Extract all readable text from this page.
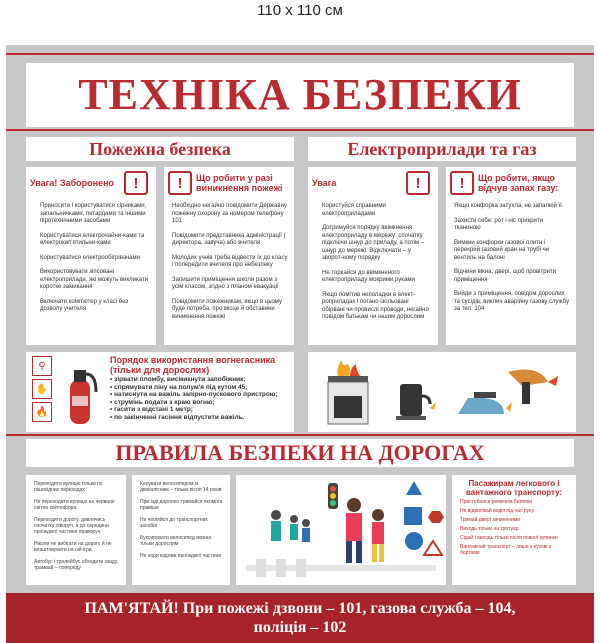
110 х 110 см
ТЕХНІКА БЕЗПЕКИ
Пожежна безпека	Електроприлади та газ
Увага! Заборонено	!
Приносити і користуватися сірниками, запальничками, петардами та іншими піротехнічними засобами
Користуватися електрочайни-ками та електрокип'ятильни-ками
Користуватися електрообігрівачами
Використовувати зіпсовані електроприлади, які можуть викликати коротке замикання
Включати комп'ютер у класі без дозволу учителя
!	Що робити у разі виникнення пожежі
Необхідно негайно повідомити Державну пожежну охорону за номером телефону 101
Повідомити представника адміністрації ( директора, завуча) або вчителя
Молодих учнів треба відвести їх до класу і попередити вчителя про небезпеку
Запишити приміщення школи разом з усім класом, згідно з планом евакуації
Повідомити пожежникам, якщо в цьому буде потреба, про місце й обставини виникнення пожежі
Увага	!
Користуйся справними електроприладами
Дотримуйся порядку ввімкнення електроприладу в мережу: спочатку підключи шнур до приладу, а потім – шнур до мережі. Відключати – у зворот-ному порядку
Не торкайся до ввімкненого електроприладу мокрими руками
Якщо помітив неполадки в елект-роприладах і погано ізольовані обірвані чи провислі проводи, негайно повідом батькам чи іншим дорослим
!	Що робити, якщо відчув запах газу:
Якщо конфорка затухла, не запалюй її
Захисти себе: рот і ніс прикрити тканиною
Вимкни конфорки газової плити і перекрий газовий кран на трубі чи вентиль на балоні
Відчини вікна, двері, щоб провітрити приміщення
Вийди з приміщення, повідом дорослих та сусідів, виклич аварійну газову службу за тел. 104
⚲
✋
🔥
Порядок використання вогнегасника (тільки для дорослих)
• зірвати пломбу, висмикнути запобіжник;
• спрямувати піну на полум'я під кутом 45;
• натиснути на важіль запірно-пускового пристрою;
• струмінь подати з краю вогню;
• гасити з відстані 1 метр;
• по закінченні гасіння відпустити важіль.
ПРАВИЛА БЕЗПЕКИ НА ДОРОГАХ
Переходити вулицю тільки по пішохідних переходах
Не переходити вулицю на червоне світло світлофора
Переходити дорогу, дивлячись спочатку ліворуч, а до середини проїжджої частини праворуч
Ніколи не вибігати на дорогу й не влаштовувати на ній ігри
Автобус і тролейбус обходити ззаду, трамвай – попереду
Керувати велосипедом із двоколісним – тільки після 14 років
При їзді дорогою тримайся якомога правіше
Не чіпляйся до транспортних засобів
Буксирувати велосипед можна тільки дорослим
Не ходи вздовж проїжджої частини
Пасажирам легкового і вантажного транспорту:
Пристебнися ременем безпеки
Не відволікай водія під час руху
Тримай двері зачиненими
Виходь тільки на тротуар
Сідай і виходь тільки після повної зупинки
Вантажний транспорт – лише у кузові з бортами
ПАМ'ЯТАЙ! При пожежі дзвони – 101, газова служба – 104,
поліція – 102
